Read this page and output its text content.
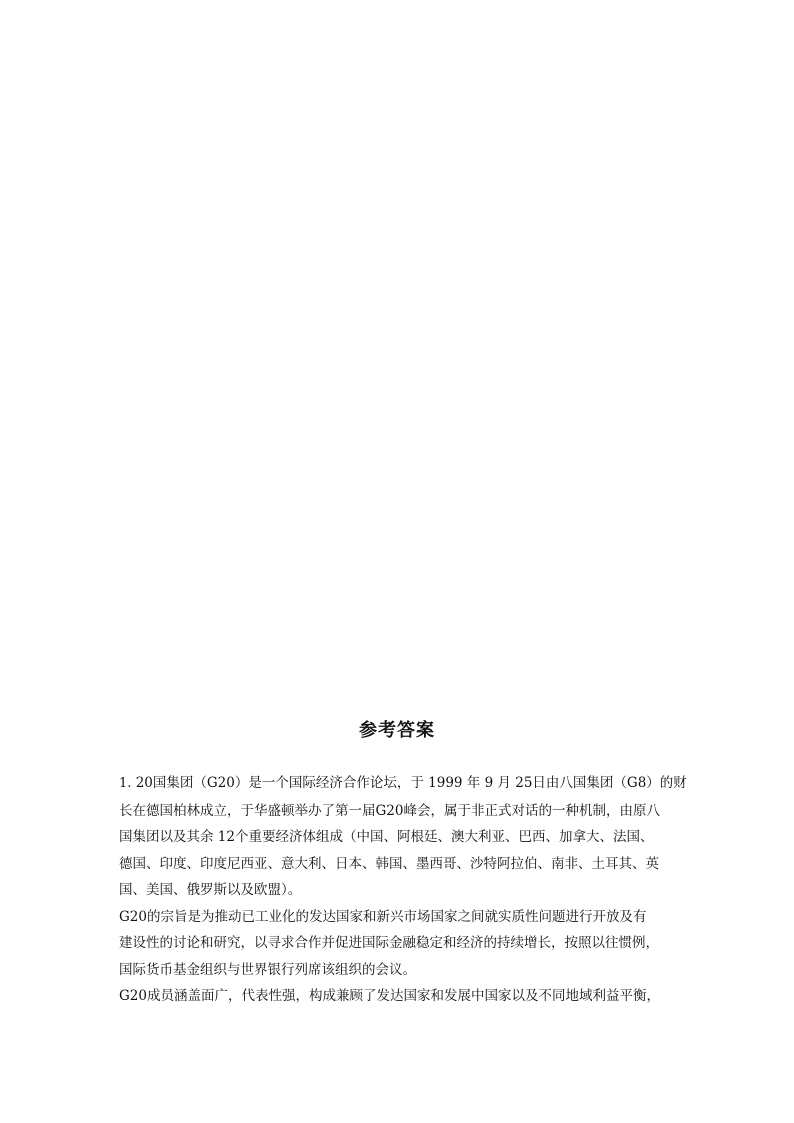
参考答案

1. 20国集团（G20）是一个国际经济合作论坛，于 1999 年 9 月 25日由八国集团（G8）的财
长在德国柏林成立，于华盛顿举办了第一届G20峰会，属于非正式对话的一种机制，由原八
国集团以及其余 12个重要经济体组成（中国、阿根廷、澳大利亚、巴西、加拿大、法国、
德国、印度、印度尼西亚、意大利、日本、韩国、墨西哥、沙特阿拉伯、南非、土耳其、英
国、美国、俄罗斯以及欧盟）。

G20的宗旨是为推动已工业化的发达国家和新兴市场国家之间就实质性问题进行开放及有
建设性的讨论和研究，以寻求合作并促进国际金融稳定和经济的持续增长，按照以往惯例，
国际货币基金组织与世界银行列席该组织的会议。

G20成员涵盖面广，代表性强，构成兼顾了发达国家和发展中国家以及不同地域利益平衡，
